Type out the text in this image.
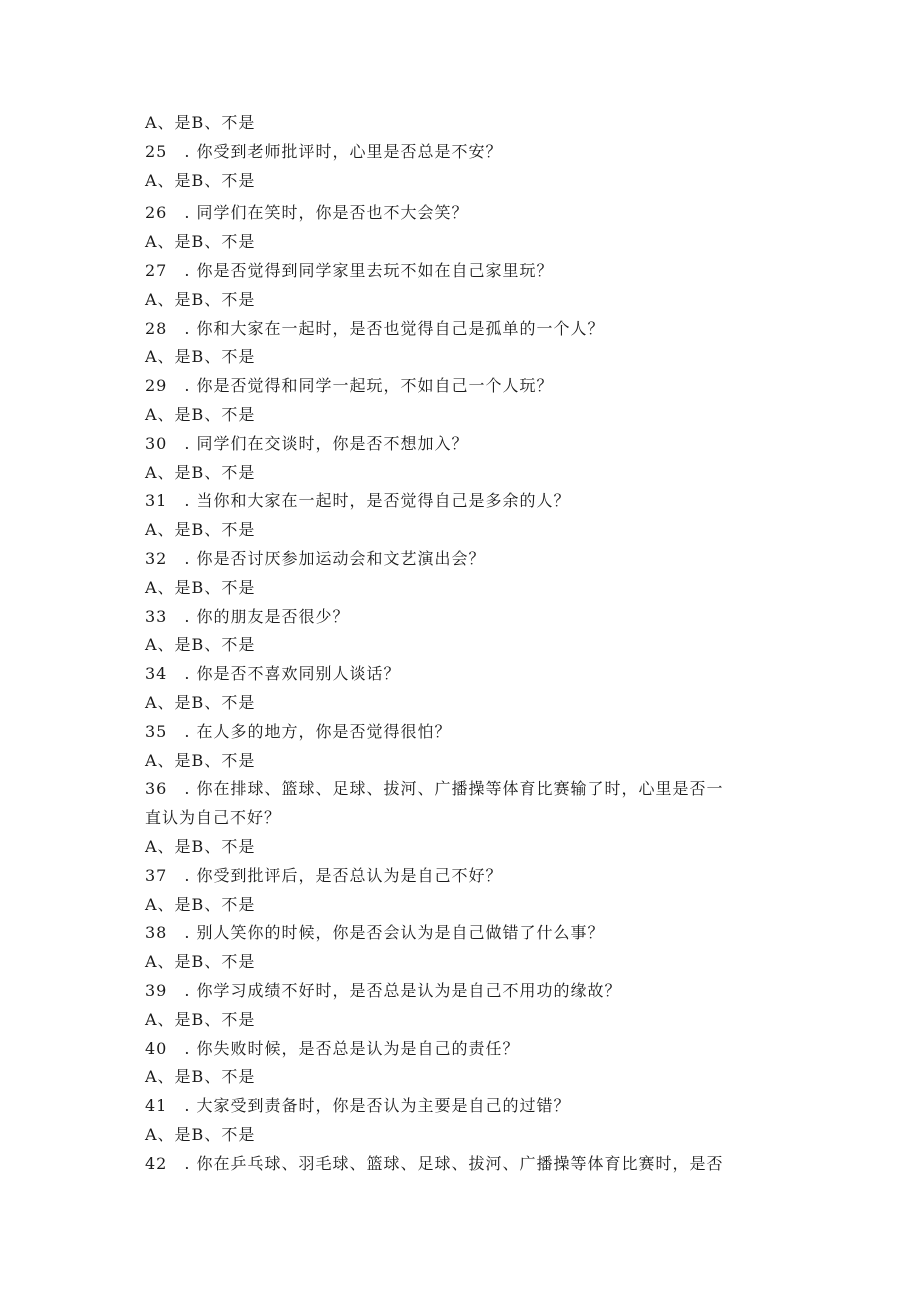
A、是B、不是
25　. 你受到老师批评时，心里是否总是不安？
A、是B、不是
26　. 同学们在笑时，你是否也不大会笑？
A、是B、不是
27　. 你是否觉得到同学家里去玩不如在自己家里玩？
A、是B、不是
28　. 你和大家在一起时，是否也觉得自己是孤单的一个人？
A、是B、不是
29　. 你是否觉得和同学一起玩，不如自己一个人玩？
A、是B、不是
30　. 同学们在交谈时，你是否不想加入？
A、是B、不是
31　. 当你和大家在一起时，是否觉得自己是多余的人？
A、是B、不是
32　. 你是否讨厌参加运动会和文艺演出会？
A、是B、不是
33　. 你的朋友是否很少？
A、是B、不是
34　. 你是否不喜欢同别人谈话？
A、是B、不是
35　. 在人多的地方，你是否觉得很怕？
A、是B、不是
36　. 你在排球、篮球、足球、拔河、广播操等体育比赛输了时，心里是否一
直认为自己不好？
A、是B、不是
37　. 你受到批评后，是否总认为是自己不好？
A、是B、不是
38　. 别人笑你的时候，你是否会认为是自己做错了什么事？
A、是B、不是
39　. 你学习成绩不好时，是否总是认为是自己不用功的缘故？
A、是B、不是
40　. 你失败时候，是否总是认为是自己的责任？
A、是B、不是
41　. 大家受到责备时，你是否认为主要是自己的过错？
A、是B、不是
42　. 你在乒乓球、羽毛球、篮球、足球、拔河、广播操等体育比赛时，是否
